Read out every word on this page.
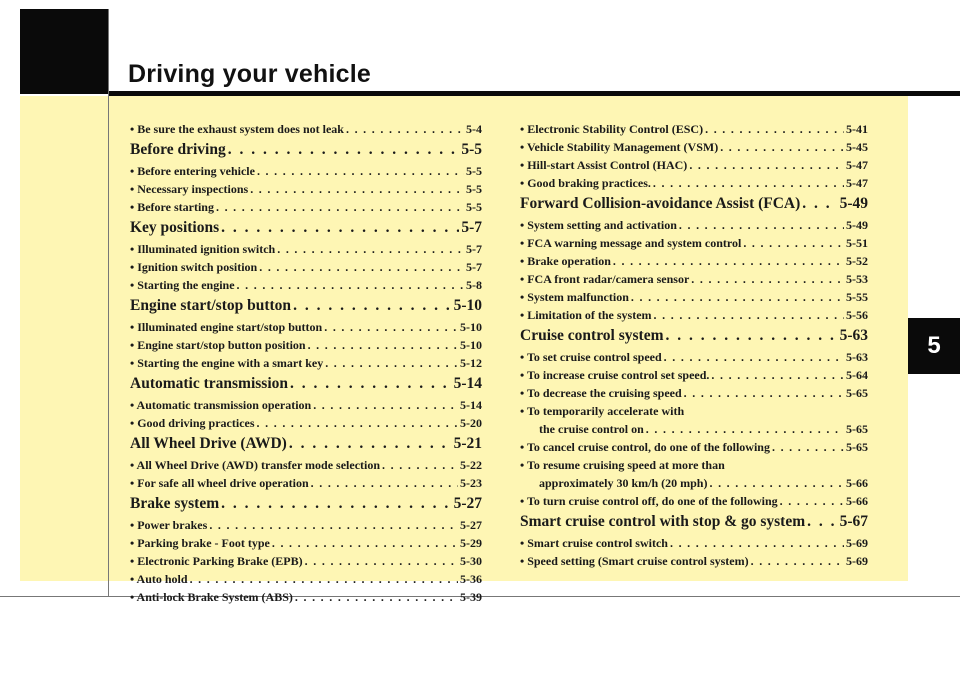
Driving your vehicle
5
• Be sure the exhaust system does not leak . . .	5-4
Before driving . . .	5-5
• Before entering vehicle . . .	5-5
• Necessary inspections . . .	5-5
• Before starting . . .	5-5
Key positions . . .	5-7
• Illuminated ignition switch . . .	5-7
• Ignition switch position . . .	5-7
• Starting the engine . . .	5-8
Engine start/stop button . . .	5-10
• Illuminated engine start/stop button . . .	5-10
• Engine start/stop button position . . .	5-10
• Starting the engine with a smart key . . .	5-12
Automatic transmission . . .	5-14
• Automatic transmission operation . . .	5-14
• Good driving practices . . .	5-20
All Wheel Drive (AWD) . . .	5-21
• All Wheel Drive (AWD) transfer mode selection . . .	5-22
• For safe all wheel drive operation . . .	5-23
Brake system . . .	5-27
• Power brakes . . .	5-27
• Parking brake - Foot type . . .	5-29
• Electronic Parking Brake (EPB) . . .	5-30
• Auto hold . . .	5-36
• Anti-lock Brake System (ABS) . . .	5-39
• Electronic Stability Control (ESC) . . .	5-41
• Vehicle Stability Management (VSM) . . .	5-45
• Hill-start Assist Control (HAC) . . .	5-47
• Good braking practices. . . .	5-47
Forward Collision-avoidance Assist (FCA) . . .	5-49
• System setting and activation . . .	5-49
• FCA warning message and system control . . .	5-51
• Brake operation . . .	5-52
• FCA front radar/camera sensor . . .	5-53
• System malfunction . . .	5-55
• Limitation of the system . . .	5-56
Cruise control system . . .	5-63
• To set cruise control speed . . .	5-63
• To increase cruise control set speed. . . .	5-64
• To decrease the cruising speed . . .	5-65
• To temporarily accelerate with
the cruise control on . . .	5-65
• To cancel cruise control, do one of the following . . .	5-65
• To resume cruising speed at more than
approximately 30 km/h (20 mph) . . .	5-66
• To turn cruise control off, do one of the following . . .	5-66
Smart cruise control with stop & go system . . . 5-67
• Smart cruise control switch . . .	5-69
• Speed setting (Smart cruise control system) . . .	5-69
